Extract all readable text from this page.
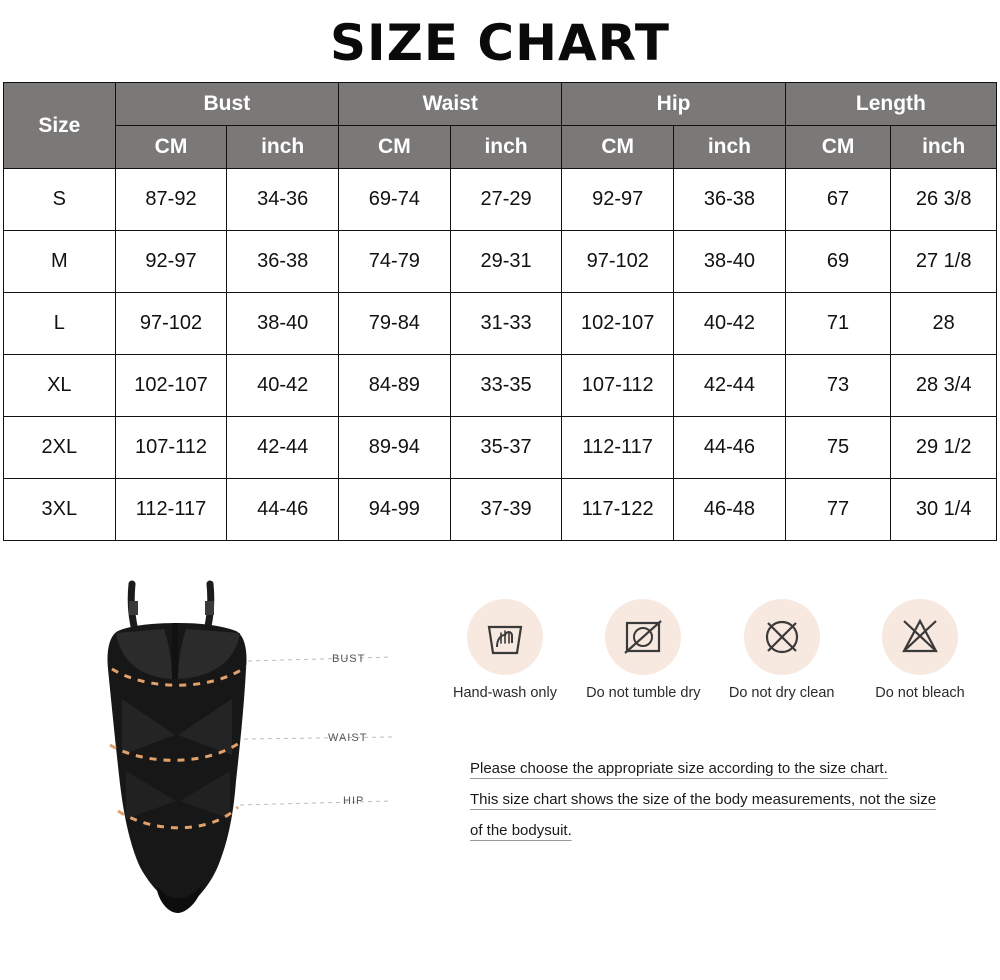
SIZE CHART
Size	Bust		Waist		Hip		Length	
	CM	inch	CM	inch	CM	inch	CM	inch
S	87-92	34-36	69-74	27-29	92-97	36-38	67	26 3/8
M	92-97	36-38	74-79	29-31	97-102	38-40	69	27 1/8
L	97-102	38-40	79-84	31-33	102-107	40-42	71	28
XL	102-107	40-42	84-89	33-35	107-112	42-44	73	28 3/4
2XL	107-112	42-44	89-94	35-37	112-117	44-46	75	29 1/2
3XL	112-117	44-46	94-99	37-39	117-122	46-48	77	30 1/4
BUST
WAIST
HIP
Hand-wash only	Do not tumble dry	Do not dry clean	Do not bleach
Please choose the appropriate size according to the size chart.
This size chart shows the size of the body measurements, not the size
of the bodysuit.
